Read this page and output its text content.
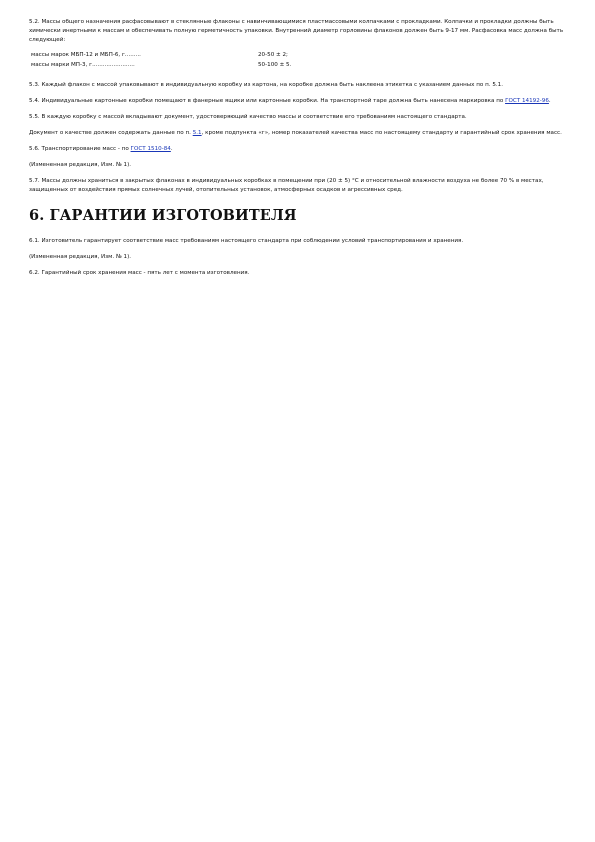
5.2. Массы общего назначения расфасовывают в стеклянные флаконы с навинчивающимися пластмассовыми колпачками с прокладками. Колпачки и прокладки должны быть химически инертными к массам и обеспечивать полную герметичность упаковки. Внутренний диаметр горловины флаконов должен быть 9-17 мм. Расфасовка масс должна быть следующей:

массы марок МБП-12 и МБП-6, г.........	20-50 ± 2;
массы марки МП-3, г........................	50-100 ± 5.

5.3. Каждый флакон с массой упаковывают в индивидуальную коробку из картона, на коробке должна быть наклеена этикетка с указанием данных по п. 5.1.

5.4. Индивидуальные картонные коробки помещают в фанерные ящики или картонные коробки. На транспортной таре должна быть нанесена маркировка по ГОСТ 14192-96.

5.5. В каждую коробку с массой вкладывают документ, удостоверяющий качество массы и соответствие его требованиям настоящего стандарта.

Документ о качестве должен содержать данные по п. 5.1, кроме подпункта «г», номер показателей качества масс по настоящему стандарту и гарантийный срок хранения масс.

5.6. Транспортирование масс - по ГОСТ 1510-84.

(Измененная редакция, Изм. № 1).

5.7. Массы должны храниться в закрытых флаконах в индивидуальных коробках в помещении при (20 ± 5) °С и относительной влажности воздуха не более 70 % в местах, защищенных от воздействия прямых солнечных лучей, отопительных установок, атмосферных осадков и агрессивных сред.

6. ГАРАНТИИ ИЗГОТОВИТЕЛЯ

6.1. Изготовитель гарантирует соответствие масс требованиям настоящего стандарта при соблюдении условий транспортирования и хранения.

(Измененная редакция, Изм. № 1).

6.2. Гарантийный срок хранения масс - пять лет с момента изготовления.
